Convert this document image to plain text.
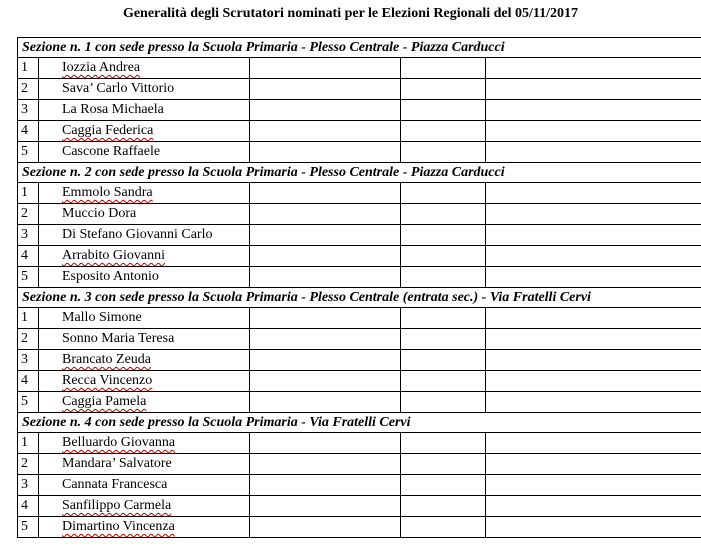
Generalità degli Scrutatori nominati per le Elezioni Regionali del 05/11/2017
Sezione n. 1 con sede presso la Scuola Primaria - Plesso Centrale - Piazza Carducci				
1	Iozzia Andrea			
2	Sava’ Carlo Vittorio			
3	La Rosa Michaela			
4	Caggia Federica			
5	Cascone Raffaele			
Sezione n. 2 con sede presso la Scuola Primaria - Plesso Centrale - Piazza Carducci				
1	Emmolo Sandra			
2	Muccio Dora			
3	Di Stefano Giovanni Carlo			
4	Arrabito Giovanni			
5	Esposito Antonio			
Sezione n. 3 con sede presso la Scuola Primaria - Plesso Centrale (entrata sec.) - Via Fratelli Cervi				
1	Mallo Simone			
2	Sonno Maria Teresa			
3	Brancato Zeuda			
4	Recca Vincenzo			
5	Caggia Pamela			
Sezione n. 4 con sede presso la Scuola Primaria - Via Fratelli Cervi				
1	Belluardo Giovanna			
2	Mandara’ Salvatore			
3	Cannata Francesca			
4	Sanfilippo Carmela			
5	Dimartino Vincenza			
